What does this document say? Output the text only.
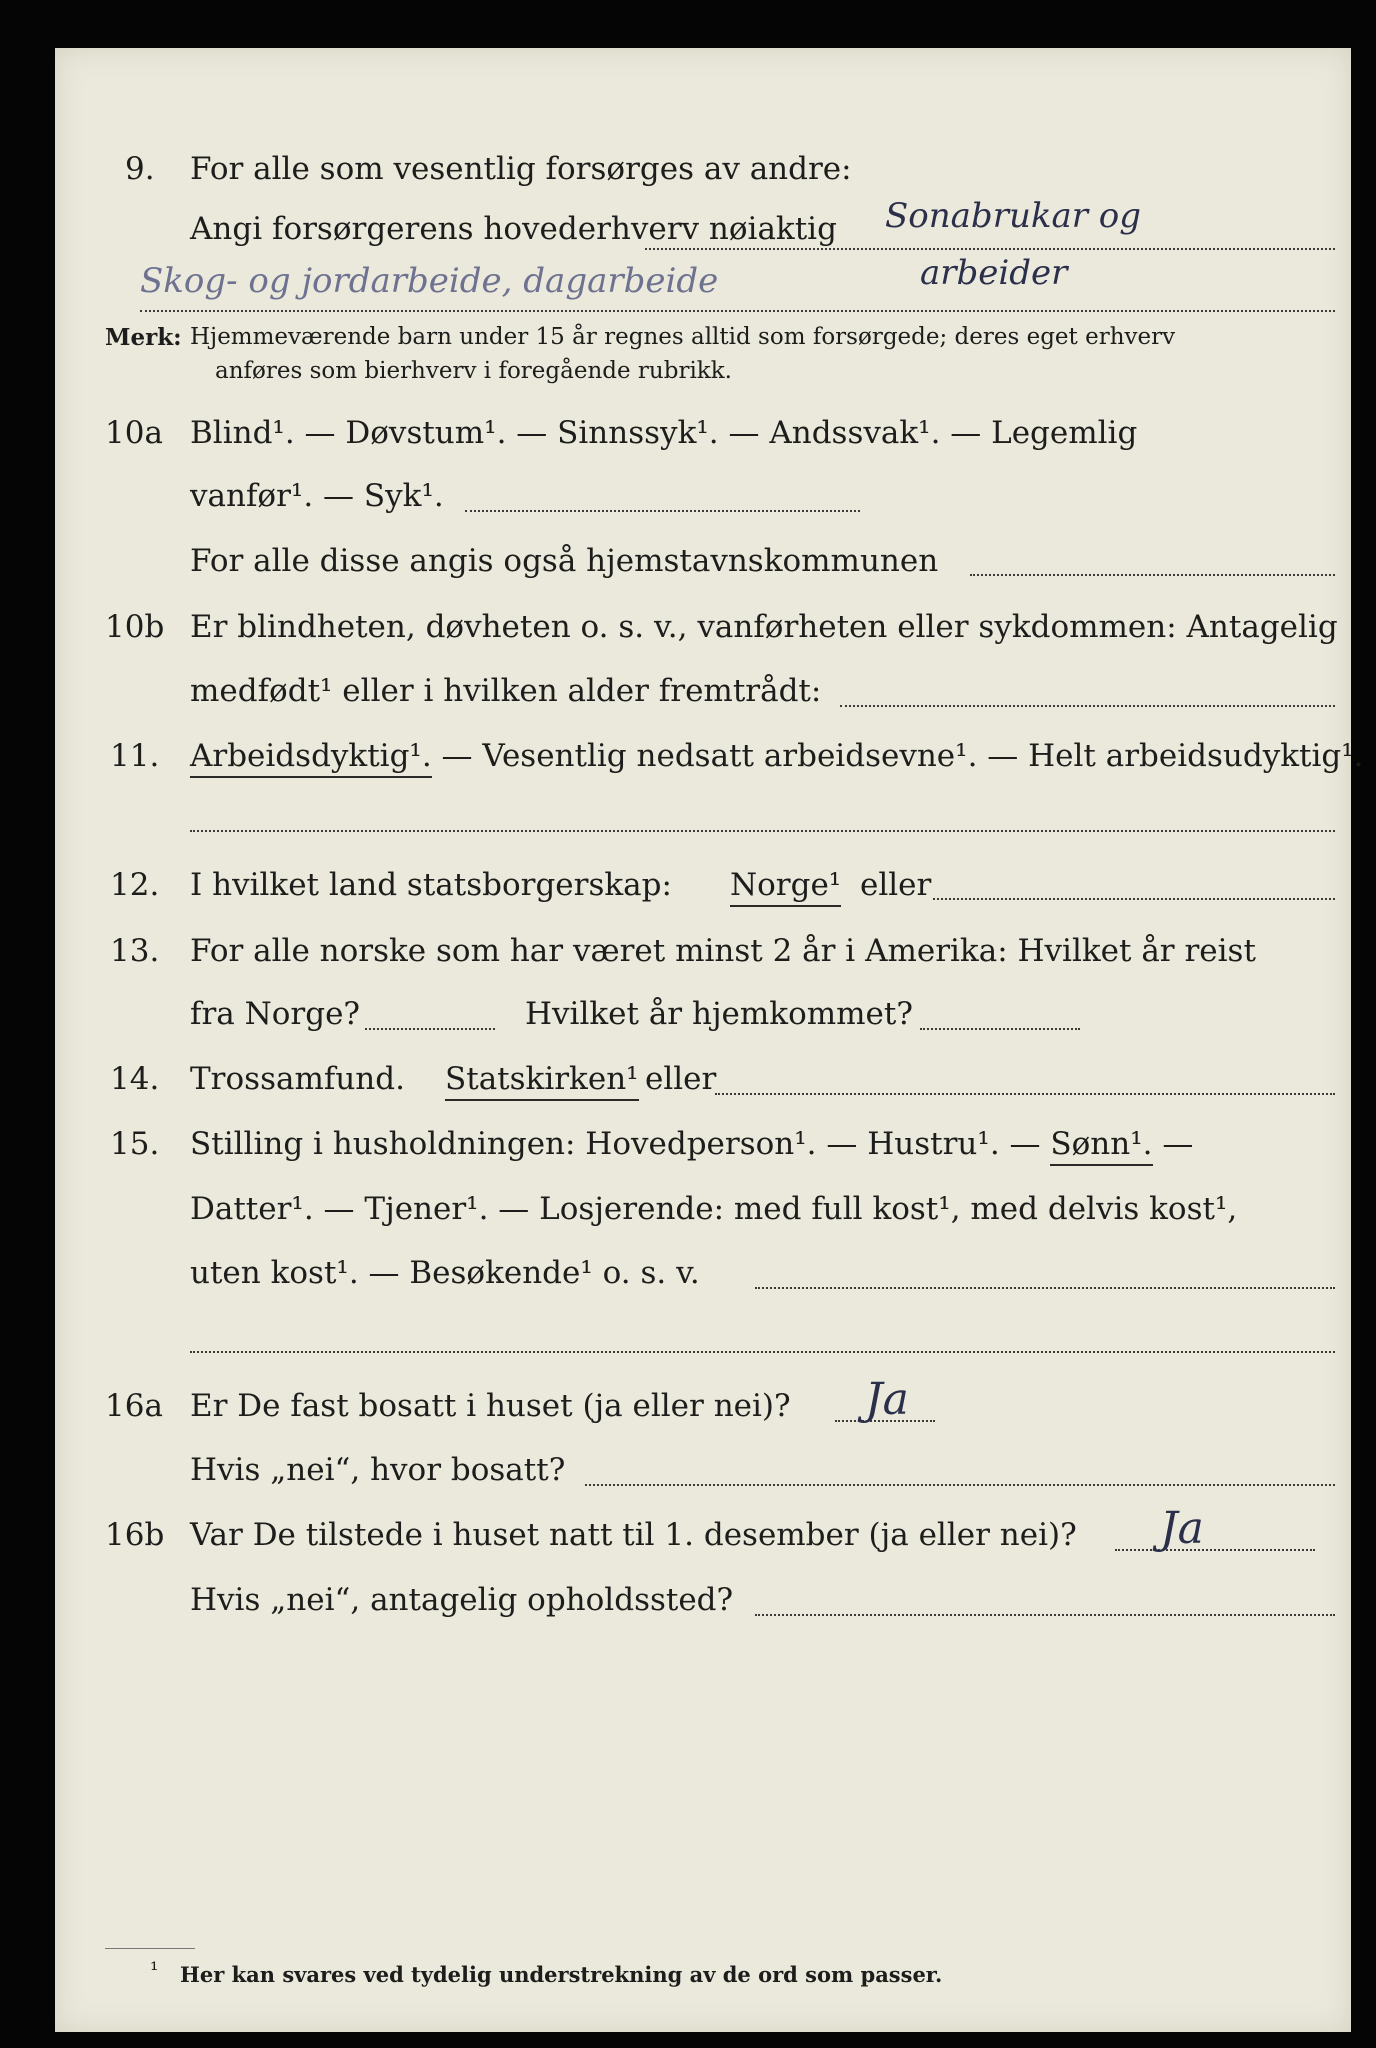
9. For alle som vesentlig forsørges av andre:
Angi forsørgerens hovederhverv nøiaktig Sonabrukar og
Skog- og jordarbeide, dagarbeide	arbeider
Merk: Hjemmeværende barn under 15 år regnes alltid som forsørgede; deres eget erhverv
anføres som bierhverv i foregående rubrikk.
10a Blind¹. — Døvstum¹. — Sinnssyk¹. — Andssvak¹. — Legemlig
vanfør¹. — Syk¹.
For alle disse angis også hjemstavnskommunen
10b Er blindheten, døvheten o. s. v., vanførheten eller sykdommen: Antagelig
medfødt¹ eller i hvilken alder fremtrådt:
11. Arbeidsdyktig¹. — Vesentlig nedsatt arbeidsevne¹. — Helt arbeidsudyktig¹.
12. I hvilket land statsborgerskap: Norge¹ eller
13. For alle norske som har været minst 2 år i Amerika: Hvilket år reist
fra Norge?	Hvilket år hjemkommet?
14. Trossamfund. Statskirken¹ eller
15. Stilling i husholdningen: Hovedperson¹. — Hustru¹. — Sønn¹. —
Datter¹. — Tjener¹. — Losjerende: med full kost¹, med delvis kost¹,
uten kost¹. — Besøkende¹ o. s. v.
16a Er De fast bosatt i huset (ja eller nei)? Ja
Hvis „nei“, hvor bosatt?
16b Var De tilstede i huset natt til 1. desember (ja eller nei)? Ja
Hvis „nei“, antagelig opholdssted?
¹ Her kan svares ved tydelig understrekning av de ord som passer.
